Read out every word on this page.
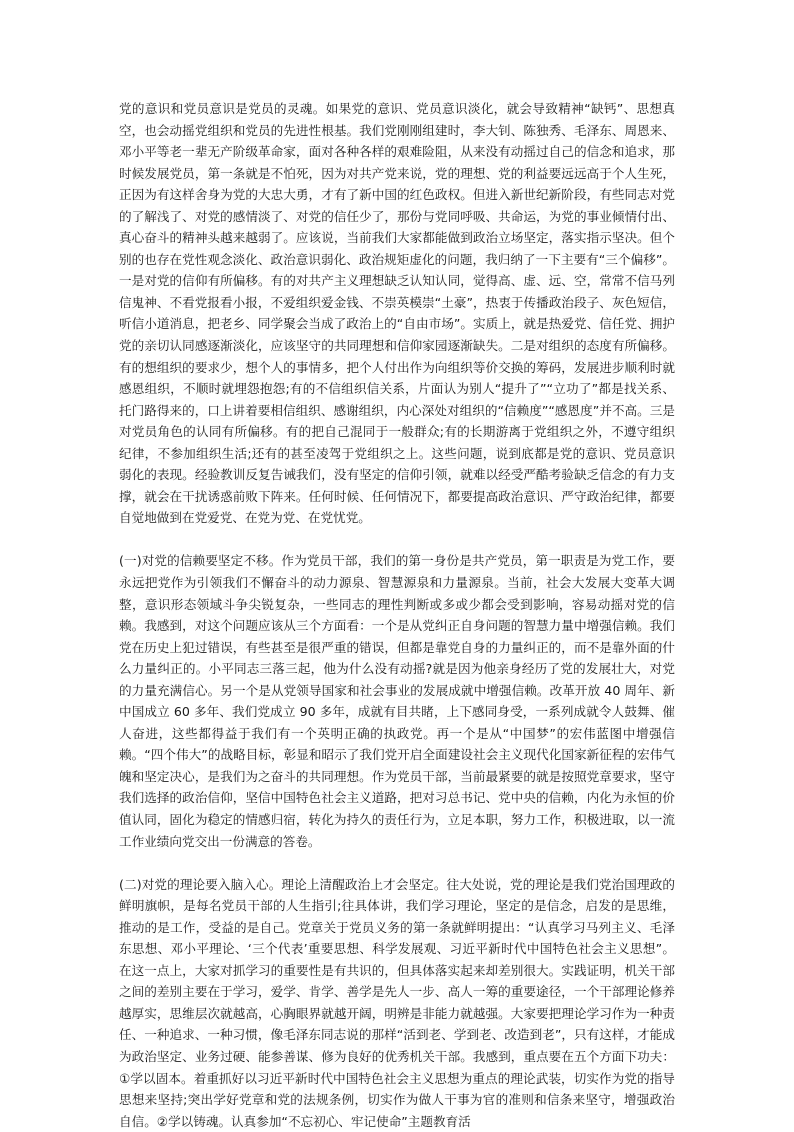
党的意识和党员意识是党员的灵魂。如果党的意识、党员意识淡化，就会导致精神“缺钙”、思想真空，也会动摇党组织和党员的先进性根基。我们党刚刚组建时，李大钊、陈独秀、毛泽东、周恩来、邓小平等老一辈无产阶级革命家，面对各种各样的艰难险阻，从来没有动摇过自己的信念和追求，那时候发展党员，第一条就是不怕死，因为对共产党来说，党的理想、党的利益要远远高于个人生死，正因为有这样舍身为党的大忠大勇，才有了新中国的红色政权。但进入新世纪新阶段，有些同志对党的了解浅了、对党的感情淡了、对党的信任少了，那份与党同呼吸、共命运，为党的事业倾情付出、真心奋斗的精神头越来越弱了。应该说，当前我们大家都能做到政治立场坚定，落实指示坚决。但个别的也存在党性观念淡化、政治意识弱化、政治规矩虚化的问题，我归纳了一下主要有“三个偏移”。一是对党的信仰有所偏移。有的对共产主义理想缺乏认知认同，觉得高、虚、远、空，常常不信马列信鬼神、不看党报看小报，不爱组织爱金钱、不崇英模崇“土豪”，热衷于传播政治段子、灰色短信，听信小道消息，把老乡、同学聚会当成了政治上的“自由市场”。实质上，就是热爱党、信任党、拥护党的亲切认同感逐渐淡化，应该坚守的共同理想和信仰家园逐渐缺失。二是对组织的态度有所偏移。有的想组织的要求少，想个人的事情多，把个人付出作为向组织等价交换的筹码，发展进步顺利时就感恩组织，不顺时就埋怨抱怨;有的不信组织信关系，片面认为别人“提升了”“立功了”都是找关系、托门路得来的，口上讲着要相信组织、感谢组织，内心深处对组织的“信赖度”“感恩度”并不高。三是对党员角色的认同有所偏移。有的把自己混同于一般群众;有的长期游离于党组织之外，不遵守组织纪律，不参加组织生活;还有的甚至凌驾于党组织之上。这些问题，说到底都是党的意识、党员意识弱化的表现。经验教训反复告诫我们，没有坚定的信仰引领，就难以经受严酷考验缺乏信念的有力支撑，就会在干扰诱惑前败下阵来。任何时候、任何情况下，都要提高政治意识、严守政治纪律，都要自觉地做到在党爱党、在党为党、在党忧党。

(一)对党的信赖要坚定不移。作为党员干部，我们的第一身份是共产党员，第一职责是为党工作，要永远把党作为引领我们不懈奋斗的动力源泉、智慧源泉和力量源泉。当前，社会大发展大变革大调整，意识形态领域斗争尖锐复杂，一些同志的理性判断或多或少都会受到影响，容易动摇对党的信赖。我感到，对这个问题应该从三个方面看：一个是从党纠正自身问题的智慧力量中增强信赖。我们党在历史上犯过错误，有些甚至是很严重的错误，但都是靠党自身的力量纠正的，而不是靠外面的什么力量纠正的。小平同志三落三起，他为什么没有动摇?就是因为他亲身经历了党的发展壮大，对党的力量充满信心。另一个是从党领导国家和社会事业的发展成就中增强信赖。改革开放 40 周年、新中国成立 60 多年、我们党成立 90 多年，成就有目共睹，上下感同身受，一系列成就令人鼓舞、催人奋进，这些都得益于我们有一个英明正确的执政党。再一个是从“中国梦”的宏伟蓝图中增强信赖。“四个伟大”的战略目标，彰显和昭示了我们党开启全面建设社会主义现代化国家新征程的宏伟气魄和坚定决心，是我们为之奋斗的共同理想。作为党员干部，当前最紧要的就是按照党章要求，坚守我们选择的政治信仰，坚信中国特色社会主义道路，把对习总书记、党中央的信赖，内化为永恒的价值认同，固化为稳定的情感归宿，转化为持久的责任行为，立足本职，努力工作，积极进取，以一流工作业绩向党交出一份满意的答卷。

(二)对党的理论要入脑入心。理论上清醒政治上才会坚定。往大处说，党的理论是我们党治国理政的鲜明旗帜，是每名党员干部的人生指引;往具体讲，我们学习理论，坚定的是信念，启发的是思维，推动的是工作，受益的是自己。党章关于党员义务的第一条就鲜明提出：“认真学习马列主义、毛泽东思想、邓小平理论、‘三个代表’重要思想、科学发展观、习近平新时代中国特色社会主义思想”。在这一点上，大家对抓学习的重要性是有共识的，但具体落实起来却差别很大。实践证明，机关干部之间的差别主要在于学习，爱学、肯学、善学是先人一步、高人一筹的重要途径，一个干部理论修养越厚实，思维层次就越高，心胸眼界就越开阔，明辨是非能力就越强。大家要把理论学习作为一种责任、一种追求、一种习惯，像毛泽东同志说的那样“活到老、学到老、改造到老”，只有这样，才能成为政治坚定、业务过硬、能参善谋、修为良好的优秀机关干部。我感到，重点要在五个方面下功夫：①学以固本。着重抓好以习近平新时代中国特色社会主义思想为重点的理论武装，切实作为党的指导思想来坚持;突出学好党章和党的法规条例，切实作为做人干事为官的准则和信条来坚守，增强政治自信。②学以铸魂。认真参加“不忘初心、牢记使命”主题教育活
